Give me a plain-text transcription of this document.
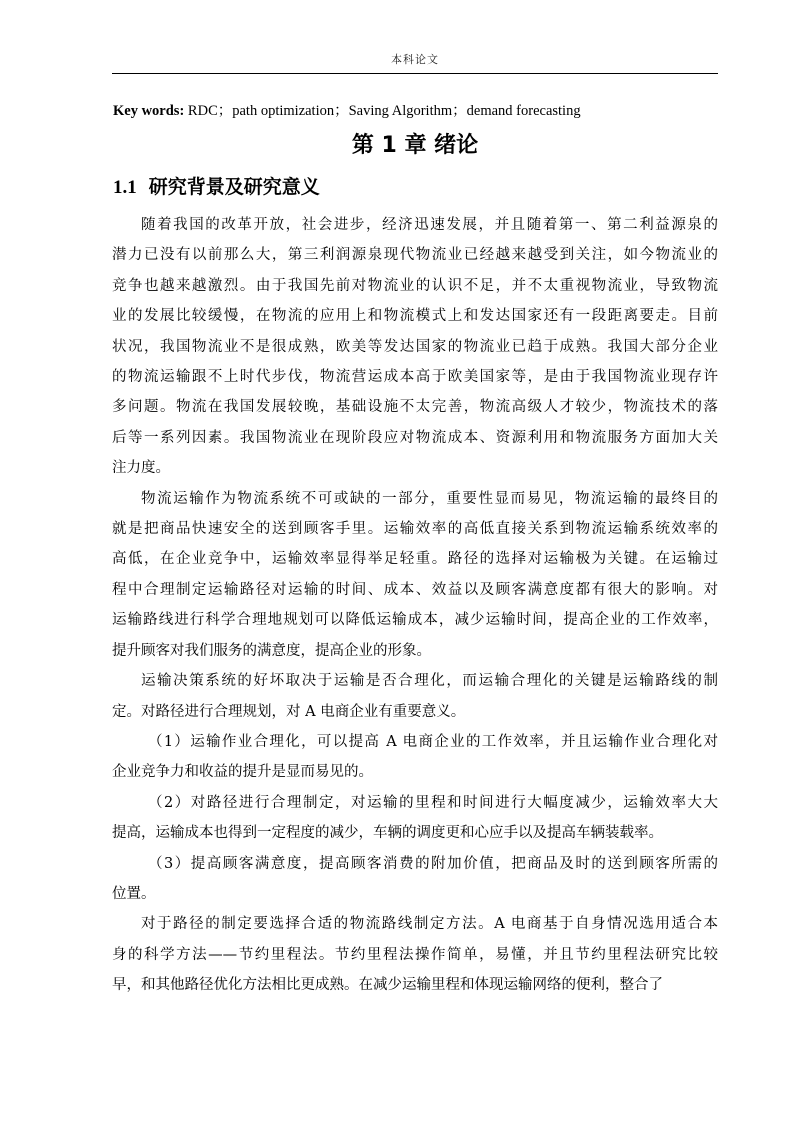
本科论文
Key words: RDC；path optimization；Saving Algorithm；demand forecasting
第 1 章 绪论
1.1 研究背景及研究意义

随着我国的改革开放，社会进步，经济迅速发展，并且随着第一、第二利益源泉的
潜力已没有以前那么大，第三利润源泉现代物流业已经越来越受到关注，如今物流业的
竞争也越来越激烈。由于我国先前对物流业的认识不足，并不太重视物流业，导致物流
业的发展比较缓慢，在物流的应用上和物流模式上和发达国家还有一段距离要走。目前
状况，我国物流业不是很成熟，欧美等发达国家的物流业已趋于成熟。我国大部分企业
的物流运输跟不上时代步伐，物流营运成本高于欧美国家等，是由于我国物流业现存许
多问题。物流在我国发展较晚，基础设施不太完善，物流高级人才较少，物流技术的落
后等一系列因素。我国物流业在现阶段应对物流成本、资源利用和物流服务方面加大关
注力度。

物流运输作为物流系统不可或缺的一部分，重要性显而易见，物流运输的最终目的
就是把商品快速安全的送到顾客手里。运输效率的高低直接关系到物流运输系统效率的
高低，在企业竞争中，运输效率显得举足轻重。路径的选择对运输极为关键。在运输过
程中合理制定运输路径对运输的时间、成本、效益以及顾客满意度都有很大的影响。对
运输路线进行科学合理地规划可以降低运输成本，减少运输时间，提高企业的工作效率，
提升顾客对我们服务的满意度，提高企业的形象。

运输决策系统的好坏取决于运输是否合理化，而运输合理化的关键是运输路线的制
定。对路径进行合理规划，对 A 电商企业有重要意义。

（1）运输作业合理化，可以提高 A 电商企业的工作效率，并且运输作业合理化对
企业竞争力和收益的提升是显而易见的。

（2）对路径进行合理制定，对运输的里程和时间进行大幅度减少，运输效率大大
提高，运输成本也得到一定程度的减少，车辆的调度更和心应手以及提高车辆装载率。

（3）提高顾客满意度，提高顾客消费的附加价值，把商品及时的送到顾客所需的
位置。

对于路径的制定要选择合适的物流路线制定方法。A 电商基于自身情况选用适合本
身的科学方法——节约里程法。节约里程法操作简单，易懂，并且节约里程法研究比较
早，和其他路径优化方法相比更成熟。在减少运输里程和体现运输网络的便利，整合了
